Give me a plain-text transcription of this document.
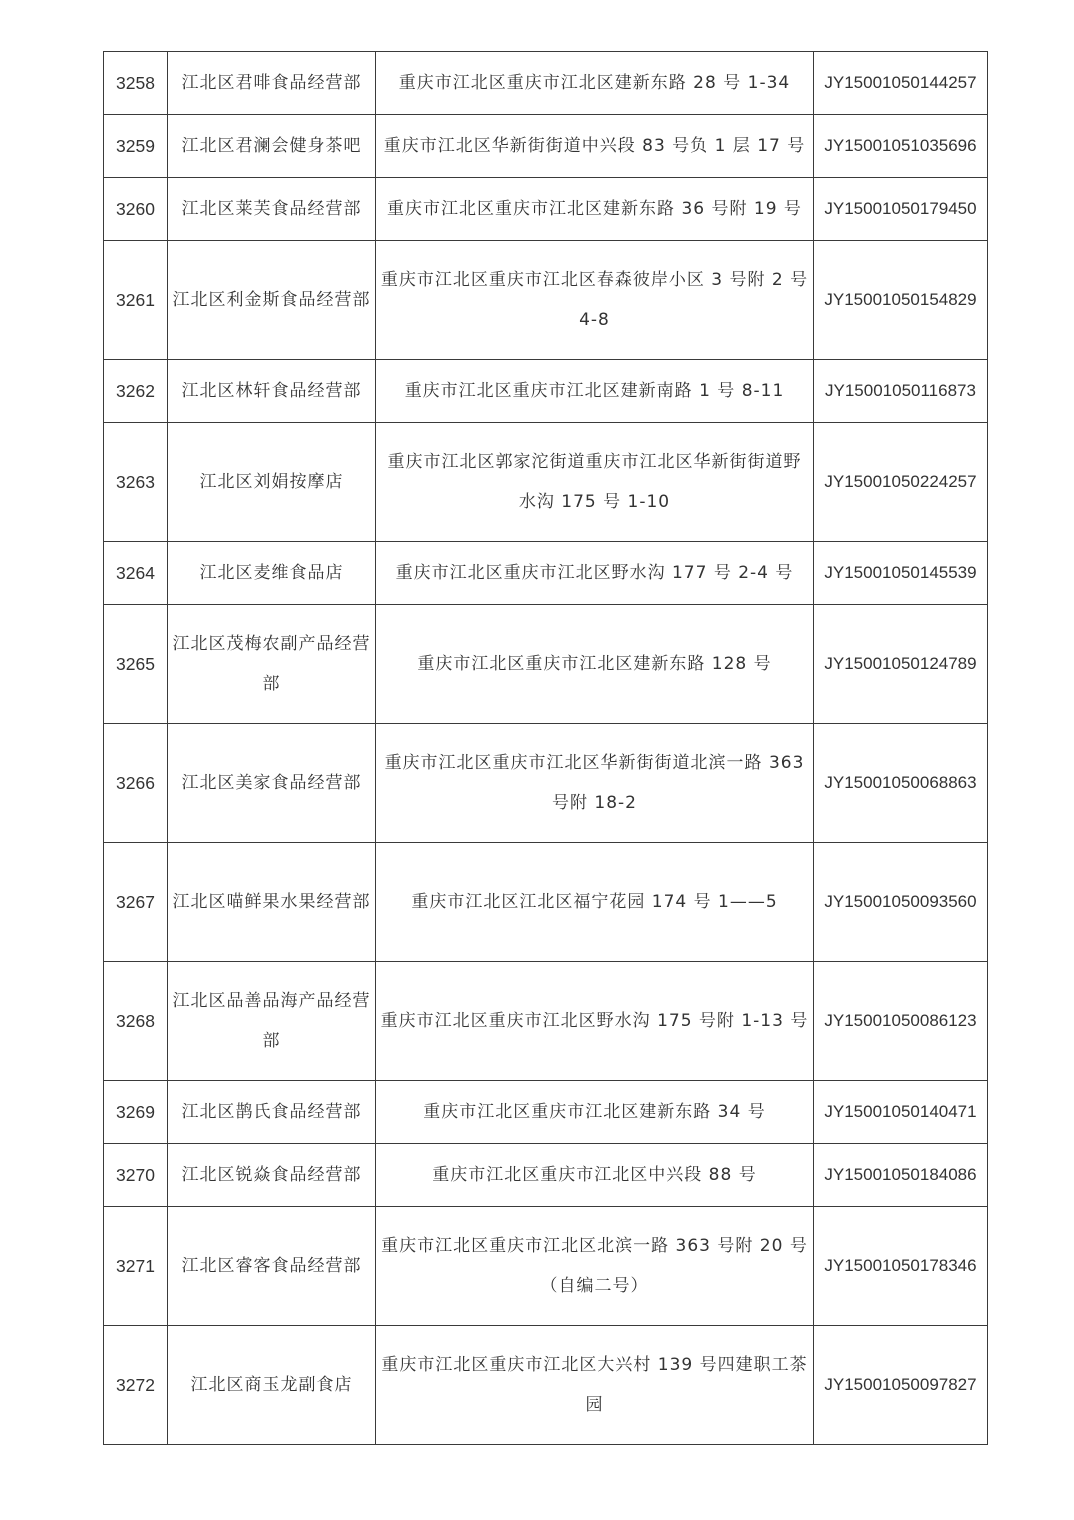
3258	江北区君啡食品经营部	重庆市江北区重庆市江北区建新东路 28 号 1-34	JY15001050144257
3259	江北区君澜会健身茶吧	重庆市江北区华新街街道中兴段 83 号负 1 层 17 号	JY15001051035696
3260	江北区莱芙食品经营部	重庆市江北区重庆市江北区建新东路 36 号附 19 号	JY15001050179450
3261	江北区利金斯食品经营部	重庆市江北区重庆市江北区春森彼岸小区 3 号附 2 号 4-8	JY15001050154829
3262	江北区林轩食品经营部	重庆市江北区重庆市江北区建新南路 1 号 8-11	JY15001050116873
3263	江北区刘娟按摩店	重庆市江北区郭家沱街道重庆市江北区华新街街道野水沟 175 号 1-10	JY15001050224257
3264	江北区麦维食品店	重庆市江北区重庆市江北区野水沟 177 号 2-4 号	JY15001050145539
3265	江北区茂梅农副产品经营部	重庆市江北区重庆市江北区建新东路 128 号	JY15001050124789
3266	江北区美家食品经营部	重庆市江北区重庆市江北区华新街街道北滨一路 363 号附 18-2	JY15001050068863
3267	江北区喵鲜果水果经营部	重庆市江北区江北区福宁花园 174 号 1——5	JY15001050093560
3268	江北区品善品海产品经营部	重庆市江北区重庆市江北区野水沟 175 号附 1-13 号	JY15001050086123
3269	江北区鹊氏食品经营部	重庆市江北区重庆市江北区建新东路 34 号	JY15001050140471
3270	江北区锐焱食品经营部	重庆市江北区重庆市江北区中兴段 88 号	JY15001050184086
3271	江北区睿客食品经营部	重庆市江北区重庆市江北区北滨一路 363 号附 20 号（自编二号）	JY15001050178346
3272	江北区商玉龙副食店	重庆市江北区重庆市江北区大兴村 139 号四建职工茶园	JY15001050097827
